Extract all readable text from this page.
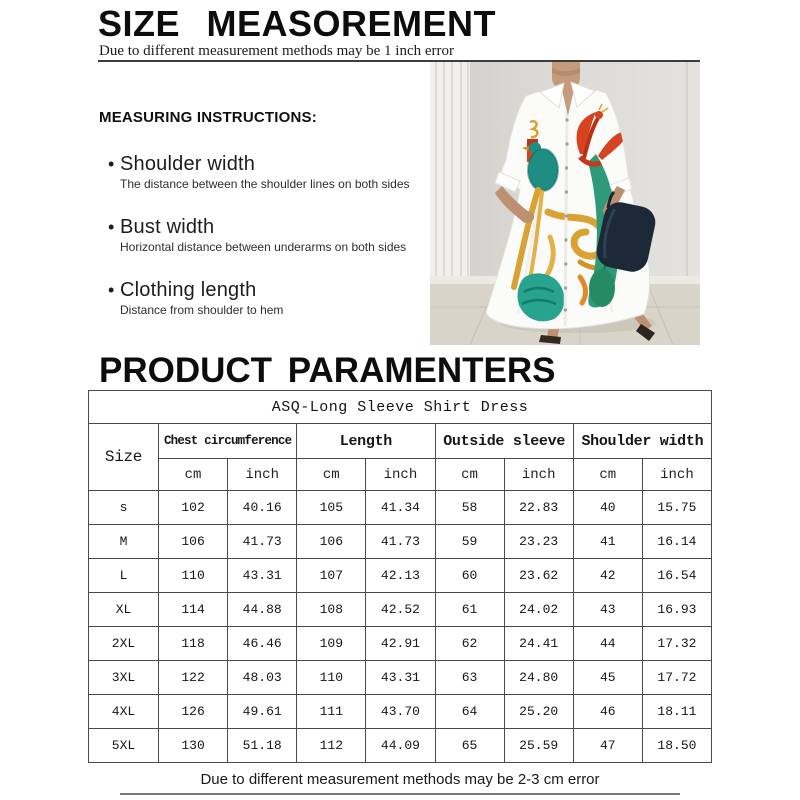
SIZE MEASOREMENT
Due to different measurement methods may be 1 inch error
MEASURING INSTRUCTIONS:
• Shoulder width
The distance between the shoulder lines on both sides
• Bust width
Horizontal distance between underarms on both sides
• Clothing length
Distance from shoulder to hem
PRODUCT PARAMENTERS
ASQ-Long Sleeve Shirt Dress
Size	Chest circumference		Length		Outside sleeve		Shoulder width	
	cm	inch	cm	inch	cm	inch	cm	inch
s	102	40.16	105	41.34	58	22.83	40	15.75
M	106	41.73	106	41.73	59	23.23	41	16.14
L	110	43.31	107	42.13	60	23.62	42	16.54
XL	114	44.88	108	42.52	61	24.02	43	16.93
2XL	118	46.46	109	42.91	62	24.41	44	17.32
3XL	122	48.03	110	43.31	63	24.80	45	17.72
4XL	126	49.61	111	43.70	64	25.20	46	18.11
5XL	130	51.18	112	44.09	65	25.59	47	18.50
Due to different measurement methods may be 2-3 cm error
